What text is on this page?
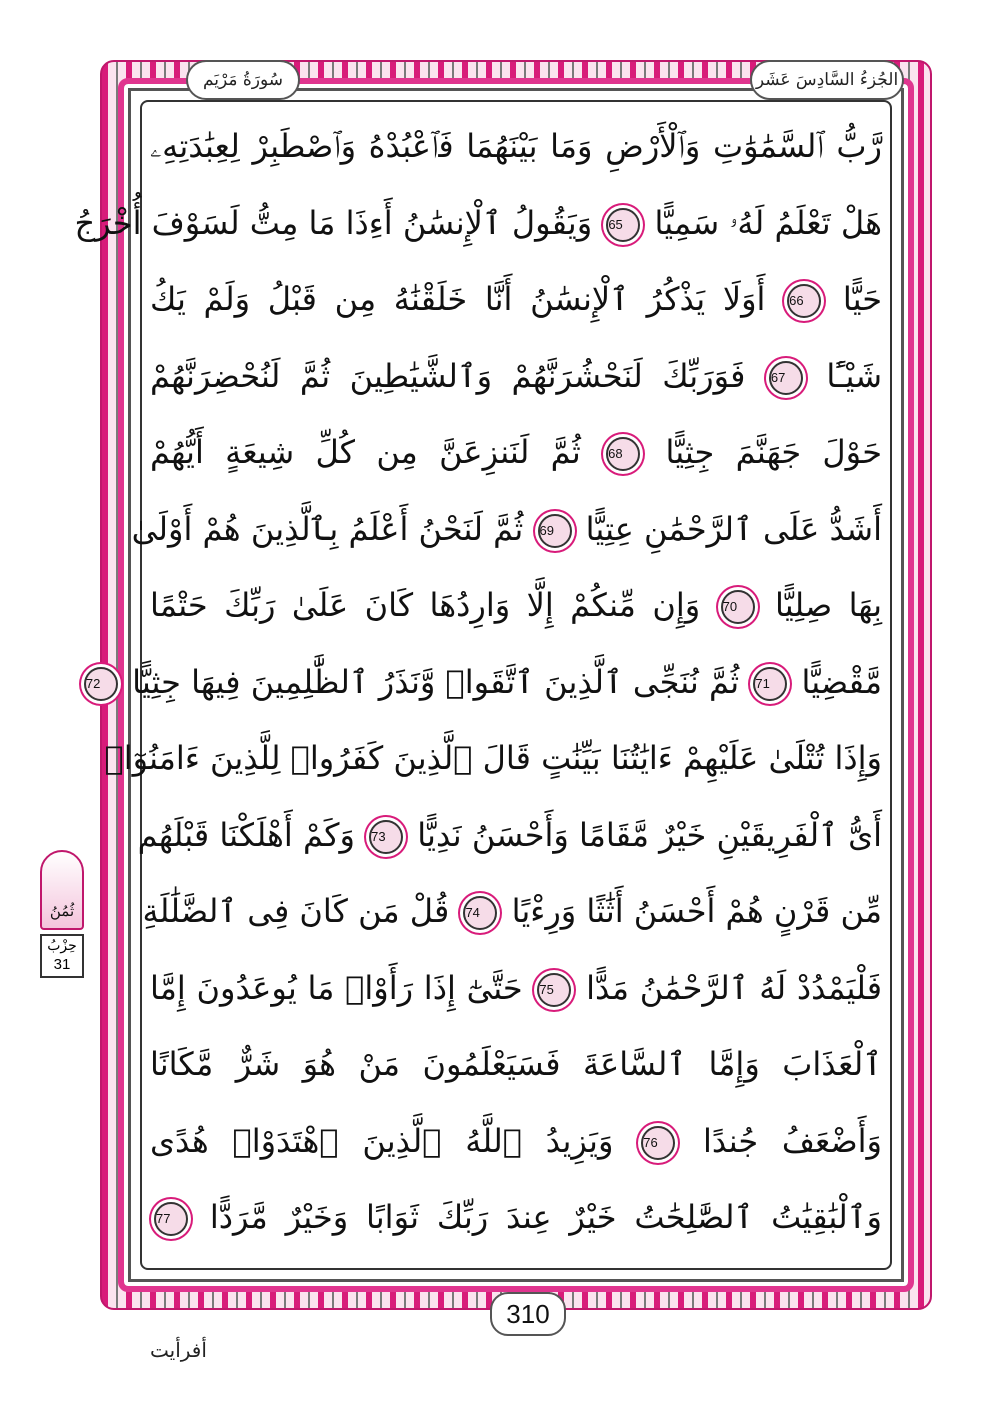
الجُزءُ السَّادِسَ عَشَر
سُورَةُ مَرْيَم
رَّبُّ ٱلسَّمَٰوَٰتِ وَٱلْأَرْضِ وَمَا بَيْنَهُمَا فَٱعْبُدْهُ وَٱصْطَبِرْ لِعِبَٰدَتِهِۦ
هَلْ تَعْلَمُ لَهُۥ سَمِيًّا 65 وَيَقُولُ ٱلْإِنسَٰنُ أَءِذَا مَا مِتُّ لَسَوْفَ أُخْرَجُ
حَيًّا 66 أَوَلَا يَذْكُرُ ٱلْإِنسَٰنُ أَنَّا خَلَقْنَٰهُ مِن قَبْلُ وَلَمْ يَكُ
شَيْـًٔا 67 فَوَرَبِّكَ لَنَحْشُرَنَّهُمْ وَٱلشَّيَٰطِينَ ثُمَّ لَنُحْضِرَنَّهُمْ
حَوْلَ جَهَنَّمَ جِثِيًّا 68 ثُمَّ لَنَنزِعَنَّ مِن كُلِّ شِيعَةٍ أَيُّهُمْ
أَشَدُّ عَلَى ٱلرَّحْمَٰنِ عِتِيًّا 69 ثُمَّ لَنَحْنُ أَعْلَمُ بِٱلَّذِينَ هُمْ أَوْلَىٰ
بِهَا صِلِيًّا 70 وَإِن مِّنكُمْ إِلَّا وَارِدُهَا كَانَ عَلَىٰ رَبِّكَ حَتْمًا
مَّقْضِيًّا 71 ثُمَّ نُنَجِّى ٱلَّذِينَ ٱتَّقَوا۟ وَّنَذَرُ ٱلظَّٰلِمِينَ فِيهَا جِثِيًّا 72
وَإِذَا تُتْلَىٰ عَلَيْهِمْ ءَايَٰتُنَا بَيِّنَٰتٍ قَالَ ٱلَّذِينَ كَفَرُوا۟ لِلَّذِينَ ءَامَنُوٓا۟
أَىُّ ٱلْفَرِيقَيْنِ خَيْرٌ مَّقَامًا وَأَحْسَنُ نَدِيًّا 73 وَكَمْ أَهْلَكْنَا قَبْلَهُم
مِّن قَرْنٍ هُمْ أَحْسَنُ أَثَٰثًا وَرِءْيًا 74 قُلْ مَن كَانَ فِى ٱلضَّلَٰلَةِ
فَلْيَمْدُدْ لَهُ ٱلرَّحْمَٰنُ مَدًّا 75 حَتَّىٰٓ إِذَا رَأَوْا۟ مَا يُوعَدُونَ إِمَّا
ٱلْعَذَابَ وَإِمَّا ٱلسَّاعَةَ فَسَيَعْلَمُونَ مَنْ هُوَ شَرٌّ مَّكَانًا
وَأَضْعَفُ جُندًا 76 وَيَزِيدُ ٱللَّهُ ٱلَّذِينَ ٱهْتَدَوْا۟ هُدًى
وَٱلْبَٰقِيَٰتُ ٱلصَّٰلِحَٰتُ خَيْرٌ عِندَ رَبِّكَ ثَوَابًا وَخَيْرٌ مَّرَدًّا 77
ثُمُنُ
حِزْبُ
31
310
أفرأيت
